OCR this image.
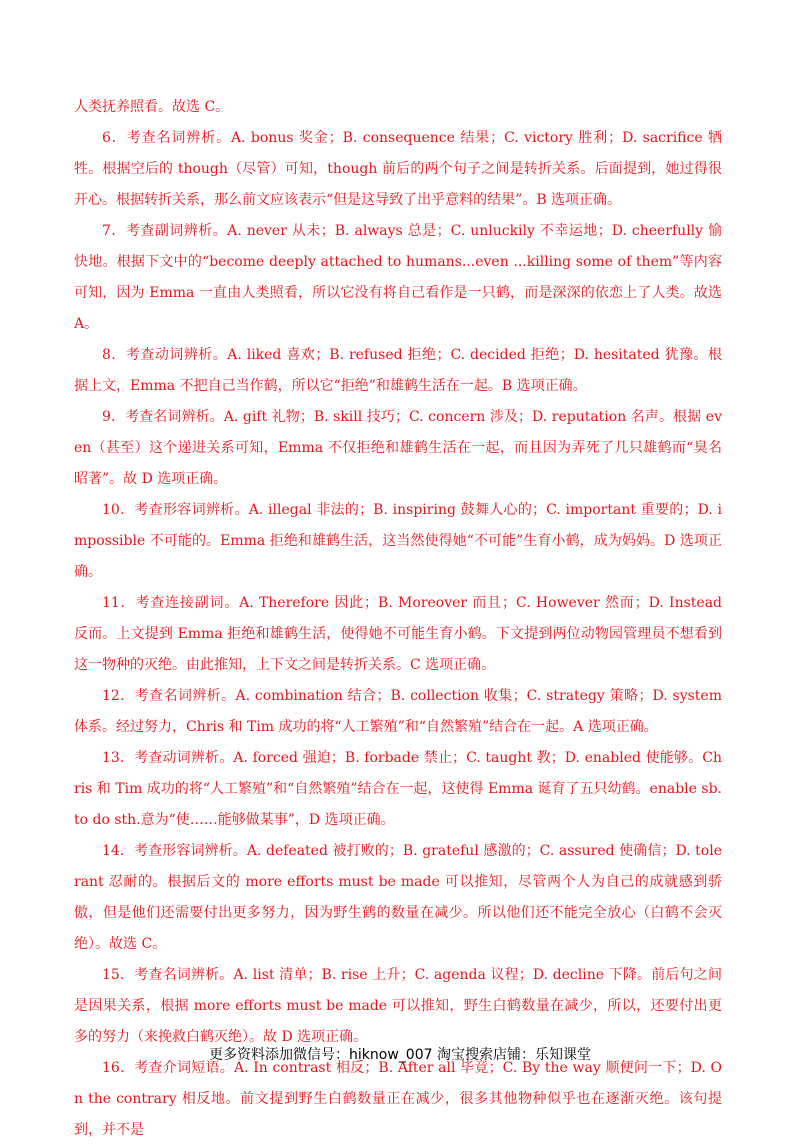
人类抚养照看。故选 C。

6．考查名词辨析。A. bonus 奖金；B. consequence 结果；C. victory 胜利；D. sacrifice 牺牲。根据空后的 though（尽管）可知，though 前后的两个句子之间是转折关系。后面提到，她过得很开心。根据转折关系，那么前文应该表示“但是这导致了出乎意料的结果”。B 选项正确。

7．考查副词辨析。A. never 从未；B. always 总是；C. unluckily 不幸运地；D. cheerfully 愉快地。根据下文中的“become deeply attached to humans...even ...killing some of them”等内容可知，因为 Emma 一直由人类照看，所以它没有将自己看作是一只鹤，而是深深的依恋上了人类。故选 A。

8．考查动词辨析。A. liked 喜欢；B. refused 拒绝；C. decided 拒绝；D. hesitated 犹豫。根据上文，Emma 不把自己当作鹤，所以它“拒绝”和雄鹤生活在一起。B 选项正确。

9．考查名词辨析。A. gift 礼物；B. skill 技巧；C. concern 涉及；D. reputation 名声。根据 even（甚至）这个递进关系可知，Emma 不仅拒绝和雄鹤生活在一起，而且因为弄死了几只雄鹤而“臭名昭著”。故 D 选项正确。

10．考查形容词辨析。A. illegal 非法的；B. inspiring 鼓舞人心的；C. important 重要的；D. impossible 不可能的。Emma 拒绝和雄鹤生活，这当然使得她“不可能”生育小鹤，成为妈妈。D 选项正确。

11．考查连接副词。A. Therefore 因此；B. Moreover 而且；C. However 然而；D. Instead 反而。上文提到 Emma 拒绝和雄鹤生活，使得她不可能生育小鹤。下文提到两位动物园管理员不想看到这一物种的灭绝。由此推知，上下文之间是转折关系。C 选项正确。

12．考查名词辨析。A. combination 结合；B. collection 收集；C. strategy 策略；D. system 体系。经过努力，Chris 和 Tim 成功的将“人工繁殖”和“自然繁殖”结合在一起。A 选项正确。

13．考查动词辨析。A. forced 强迫；B. forbade 禁止；C. taught 教；D. enabled 使能够。Chris 和 Tim 成功的将“人工繁殖”和“自然繁殖”结合在一起，这使得 Emma 诞育了五只幼鹤。enable sb. to do sth.意为“使……能够做某事”，D 选项正确。

14．考查形容词辨析。A. defeated 被打败的；B. grateful 感激的；C. assured 使确信；D. tolerant 忍耐的。根据后文的 more efforts must be made 可以推知，尽管两个人为自己的成就感到骄傲，但是他们还需要付出更多努力，因为野生鹤的数量在减少。所以他们还不能完全放心（白鹤不会灭绝）。故选 C。

15．考查名词辨析。A. list 清单；B. rise 上升；C. agenda 议程；D. decline 下降。前后句之间是因果关系，根据 more efforts must be made 可以推知，野生白鹤数量在减少，所以，还要付出更多的努力（来挽救白鹤灭绝）。故 D 选项正确。

16．考查介词短语。A. In contrast 相反；B. After all 毕竟；C. By the way 顺便问一下；D. On the contrary 相反地。前文提到野生白鹤数量正在减少，很多其他物种似乎也在逐渐灭绝。该句提到，并不是

更多资料添加微信号：hiknow_007 淘宝搜索店铺：乐知课堂
